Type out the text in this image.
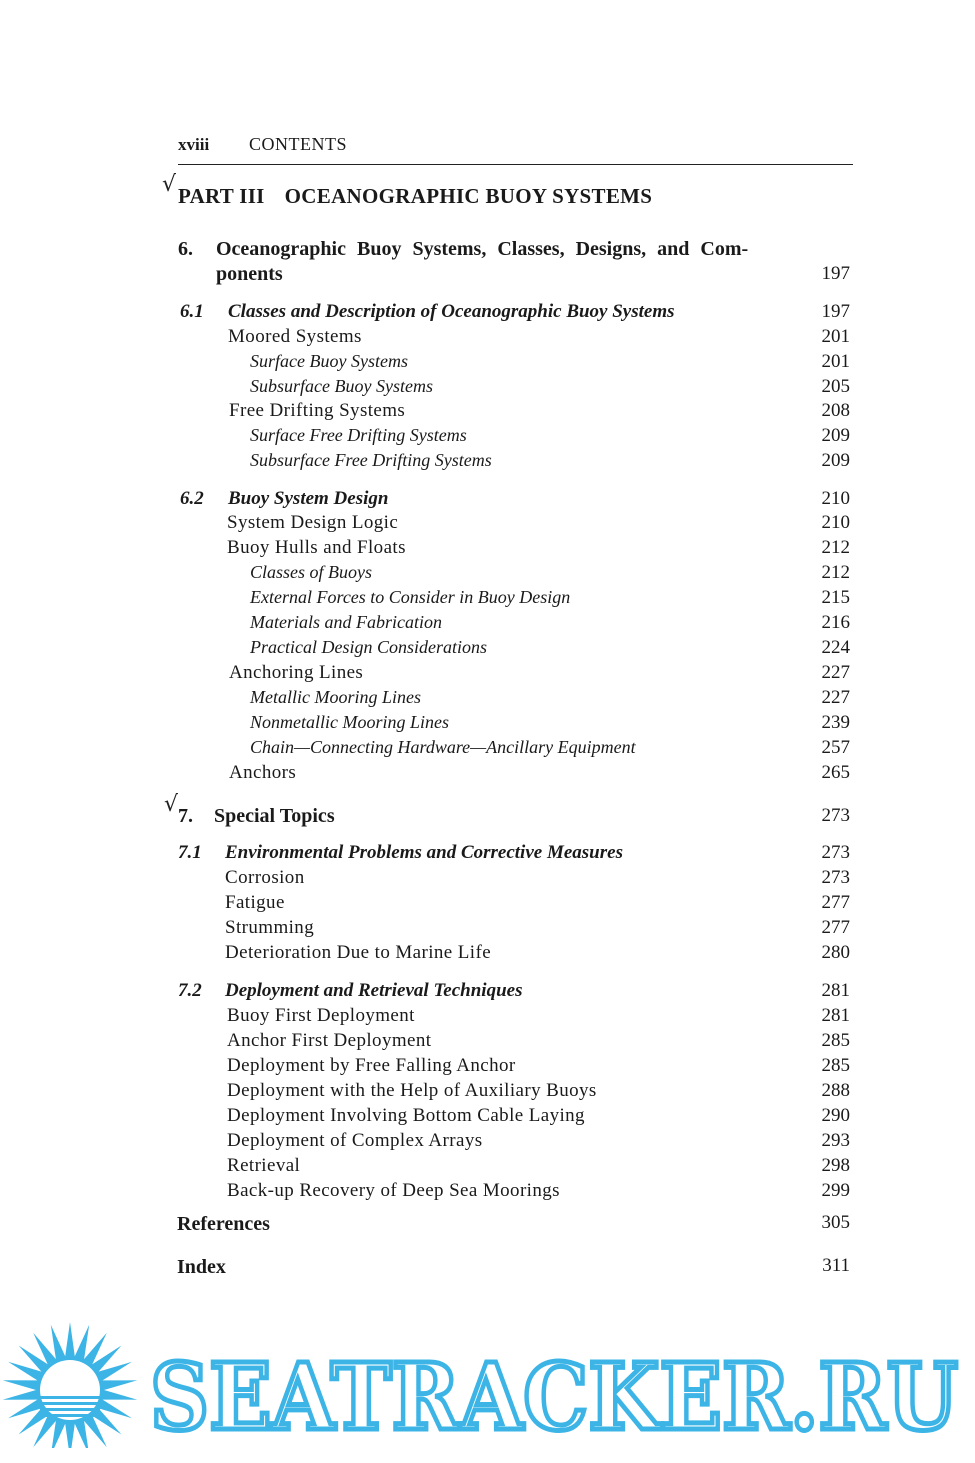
xviii CONTENTS
√ PART III OCEANOGRAPHIC BUOY SYSTEMS
6. Oceanographic Buoy Systems, Classes, Designs, and Com-
ponents	197
6.1 Classes and Description of Oceanographic Buoy Systems	197
Moored Systems	201
Surface Buoy Systems	201
Subsurface Buoy Systems	205
Free Drifting Systems	208
Surface Free Drifting Systems	209
Subsurface Free Drifting Systems	209
6.2 Buoy System Design	210
System Design Logic	210
Buoy Hulls and Floats	212
Classes of Buoys	212
External Forces to Consider in Buoy Design	215
Materials and Fabrication	216
Practical Design Considerations	224
Anchoring Lines	227
Metallic Mooring Lines	227
Nonmetallic Mooring Lines	239
Chain—Connecting Hardware—Ancillary Equipment	257
Anchors	265
√ 7. Special Topics	273
7.1 Environmental Problems and Corrective Measures	273
Corrosion	273
Fatigue	277
Strumming	277
Deterioration Due to Marine Life	280
7.2 Deployment and Retrieval Techniques	281
Buoy First Deployment	281
Anchor First Deployment	285
Deployment by Free Falling Anchor	285
Deployment with the Help of Auxiliary Buoys	288
Deployment Involving Bottom Cable Laying	290
Deployment of Complex Arrays	293
Retrieval	298
Back-up Recovery of Deep Sea Moorings	299
References	305
Index	311
SEATRACKER.RU
